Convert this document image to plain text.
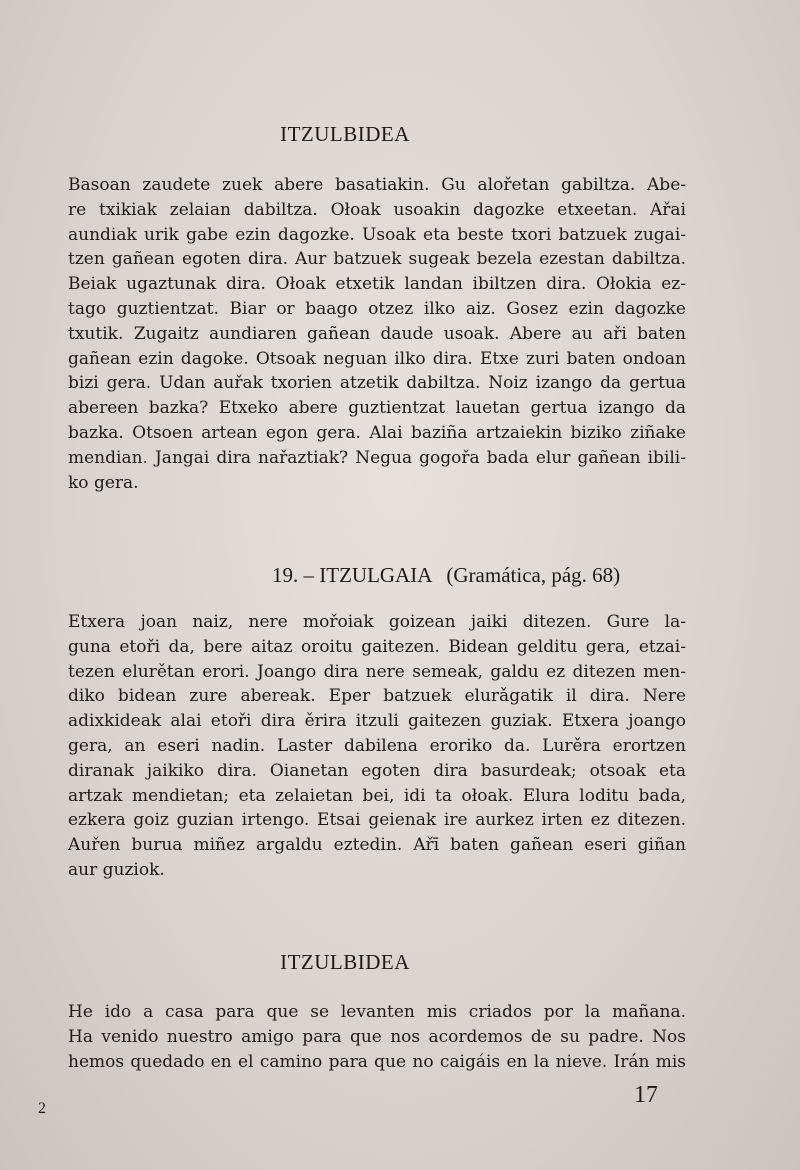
ITZULBIDEA
Basoan zaudete zuek abere basatiakin. Gu alořetan gabiltza. Abe-
re txikiak zelaian dabiltza. Ołoak usoakin dagozke etxeetan. Ařai
aundiak urik gabe ezin dagozke. Usoak eta beste txori batzuek zugai-
tzen gañean egoten dira. Aur batzuek sugeak bezela ezestan dabiltza.
Beiak ugaztunak dira. Ołoak etxetik landan ibiltzen dira. Ołokia ez-
tago guztientzat. Biar or baago otzez ilko aiz. Gosez ezin dagozke
txutik. Zugaitz aundiaren gañean daude usoak. Abere au aři baten
gañean ezin dagoke. Otsoak neguan ilko dira. Etxe zuri baten ondoan
bizi gera. Udan auřak txorien atzetik dabiltza. Noiz izango da gertua
abereen bazka? Etxeko abere guztientzat lauetan gertua izango da
bazka. Otsoen artean egon gera. Alai baziña artzaiekin biziko ziñake
mendian. Jangai dira nařaztiak? Negua gogořa bada elur gañean ibili-
ko gera.
19. – ITZULGAIA (Gramática, pág. 68)
Etxera joan naiz, nere mořoiak goizean jaiki ditezen. Gure la-
guna etoři da, bere aitaz oroitu gaitezen. Bidean gelditu gera, etzai-
tezen elurětan erori. Joango dira nere semeak, galdu ez ditezen men-
diko bidean zure abereak. Eper batzuek elurǎgatik il dira. Nere
adixkideak alai etoři dira ěrira itzuli gaitezen guziak. Etxera joango
gera, an eseri nadin. Laster dabilena eroriko da. Lurěra erortzen
diranak jaikiko dira. Oianetan egoten dira basurdeak; otsoak eta
artzak mendietan; eta zelaietan bei, idi ta ołoak. Elura loditu bada,
ezkera goiz guzian irtengo. Etsai geienak ire aurkez irten ez ditezen.
Auřen burua miñez argaldu eztedin. Ařī baten gañean eseri giñan
aur guziok.
ITZULBIDEA
He ido a casa para que se levanten mis criados por la mañana.
Ha venido nuestro amigo para que nos acordemos de su padre. Nos
hemos quedado en el camino para que no caigáis en la nieve. Irán mis
2
17
